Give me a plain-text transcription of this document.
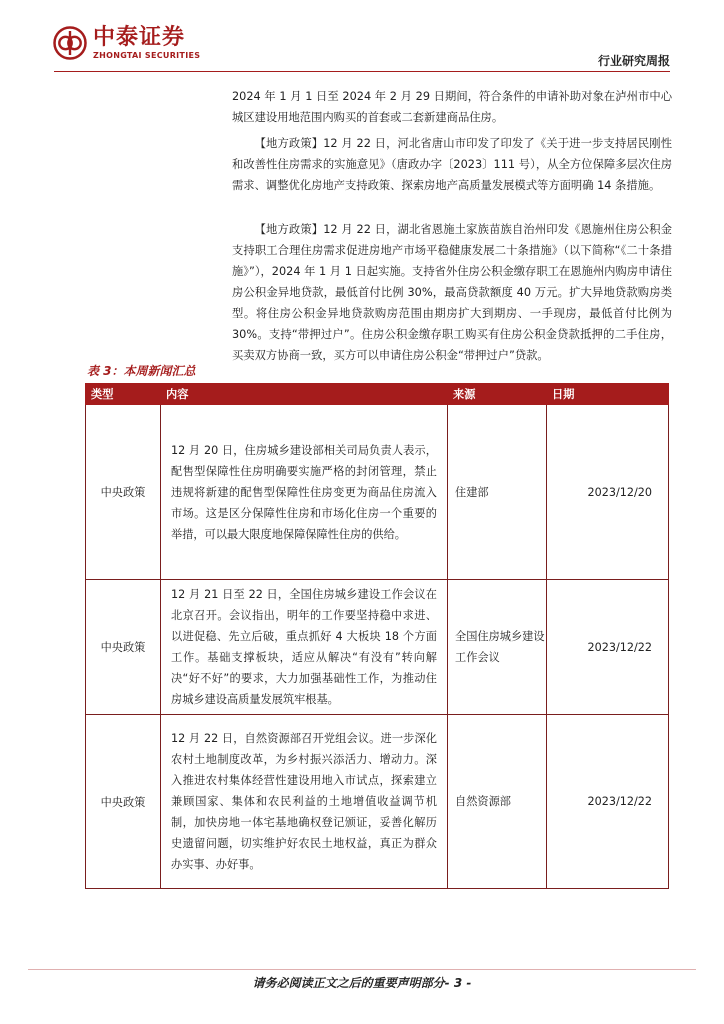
中泰证券
ZHONGTAI SECURITIES	行业研究周报
2024 年 1 月 1 日至 2024 年 2 月 29 日期间，符合条件的申请补助对象在泸州市中心城区建设用地范围内购买的首套或二套新建商品住房。
【地方政策】12 月 22 日，河北省唐山市印发了印发了《关于进一步支持居民刚性和改善性住房需求的实施意见》（唐政办字〔2023〕111 号），从全方位保障多层次住房需求、调整优化房地产支持政策、探索房地产高质量发展模式等方面明确 14 条措施。
【地方政策】12 月 22 日，湖北省恩施土家族苗族自治州印发《恩施州住房公积金支持职工合理住房需求促进房地产市场平稳健康发展二十条措施》（以下简称“《二十条措施》”），2024 年 1 月 1 日起实施。支持省外住房公积金缴存职工在恩施州内购房申请住房公积金异地贷款，最低首付比例 30%，最高贷款额度 40 万元。扩大异地贷款购房类型。将住房公积金异地贷款购房范围由期房扩大到期房、一手现房，最低首付比例为 30%。支持“带押过户”。住房公积金缴存职工购买有住房公积金贷款抵押的二手住房，买卖双方协商一致，买方可以申请住房公积金“带押过户”贷款。
表 3：本周新闻汇总
类型	内容	来源	日期
中央政策	12 月 20 日，住房城乡建设部相关司局负责人表示，配售型保障性住房明确要实施严格的封闭管理，禁止违规将新建的配售型保障性住房变更为商品住房流入市场。这是区分保障性住房和市场化住房一个重要的举措，可以最大限度地保障保障性住房的供给。	住建部	2023/12/20
中央政策	12 月 21 日至 22 日，全国住房城乡建设工作会议在北京召开。会议指出，明年的工作要坚持稳中求进、以进促稳、先立后破，重点抓好 4 大板块 18 个方面工作。基础支撑板块，适应从解决“有没有”转向解决“好不好”的要求，大力加强基础性工作，为推动住房城乡建设高质量发展筑牢根基。	全国住房城乡建设工作会议	2023/12/22
中央政策	12 月 22 日，自然资源部召开党组会议。进一步深化农村土地制度改革，为乡村振兴添活力、增动力。深入推进农村集体经营性建设用地入市试点，探索建立兼顾国家、集体和农民利益的土地增值收益调节机制，加快房地一体宅基地确权登记颁证，妥善化解历史遗留问题，切实维护好农民土地权益，真正为群众办实事、办好事。	自然资源部	2023/12/22
请务必阅读正文之后的重要声明部分- 3 -
